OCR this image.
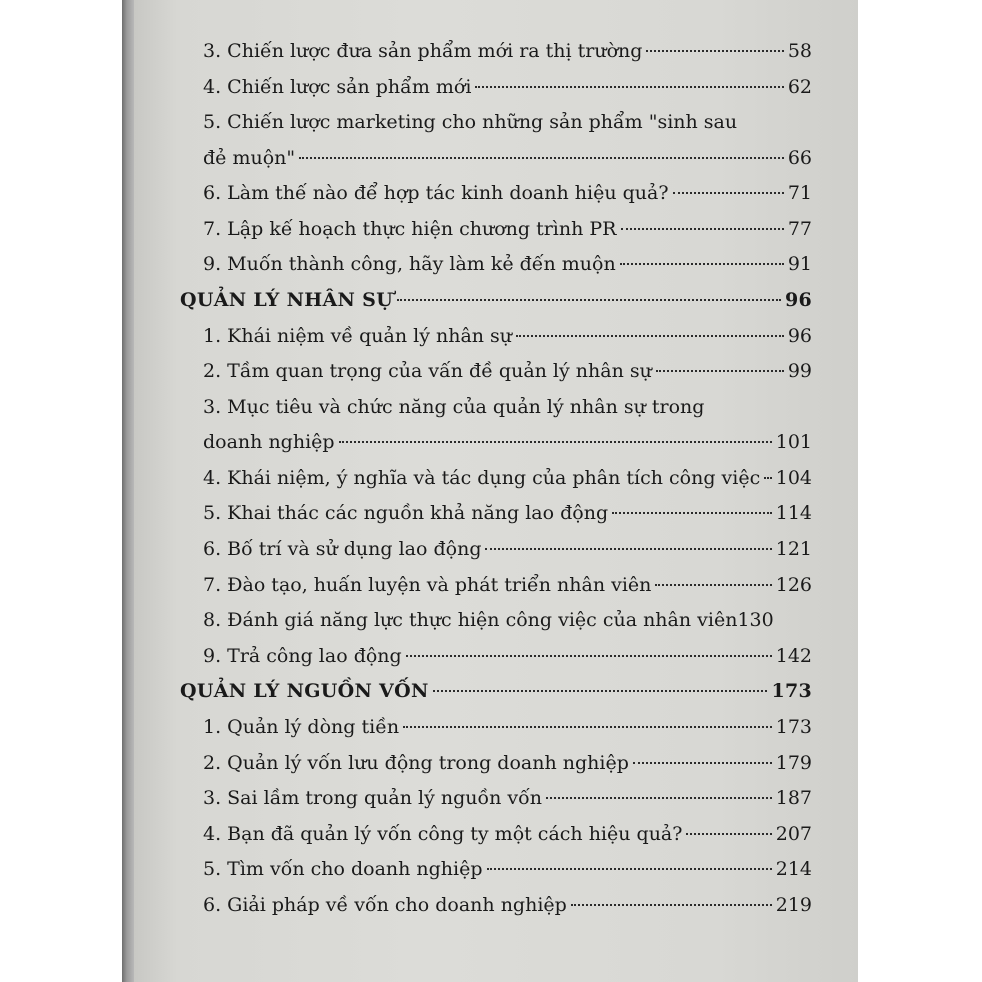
3. Chiến lược đưa sản phẩm mới ra thị trường	58
4. Chiến lược sản phẩm mới	62
5. Chiến lược marketing cho những sản phẩm "sinh sau
đẻ muộn"	66
6. Làm thế nào để hợp tác kinh doanh hiệu quả?	71
7. Lập kế hoạch thực hiện chương trình PR	77
9. Muốn thành công, hãy làm kẻ đến muộn	91
QUẢN LÝ NHÂN SỰ	96
1. Khái niệm về quản lý nhân sự	96
2. Tầm quan trọng của vấn đề quản lý nhân sự	99
3. Mục tiêu và chức năng của quản lý nhân sự trong
doanh nghiệp	101
4. Khái niệm, ý nghĩa và tác dụng của phân tích công việc 104
5. Khai thác các nguồn khả năng lao động	114
6. Bố trí và sử dụng lao động	121
7. Đào tạo, huấn luyện và phát triển nhân viên	126
8. Đánh giá năng lực thực hiện công việc của nhân viên 130
9. Trả công lao động	142
QUẢN LÝ NGUỒN VỐN	173
1. Quản lý dòng tiền	173
2. Quản lý vốn lưu động trong doanh nghiệp	179
3. Sai lầm trong quản lý nguồn vốn	187
4. Bạn đã quản lý vốn công ty một cách hiệu quả?	207
5. Tìm vốn cho doanh nghiệp	214
6. Giải pháp về vốn cho doanh nghiệp	219
